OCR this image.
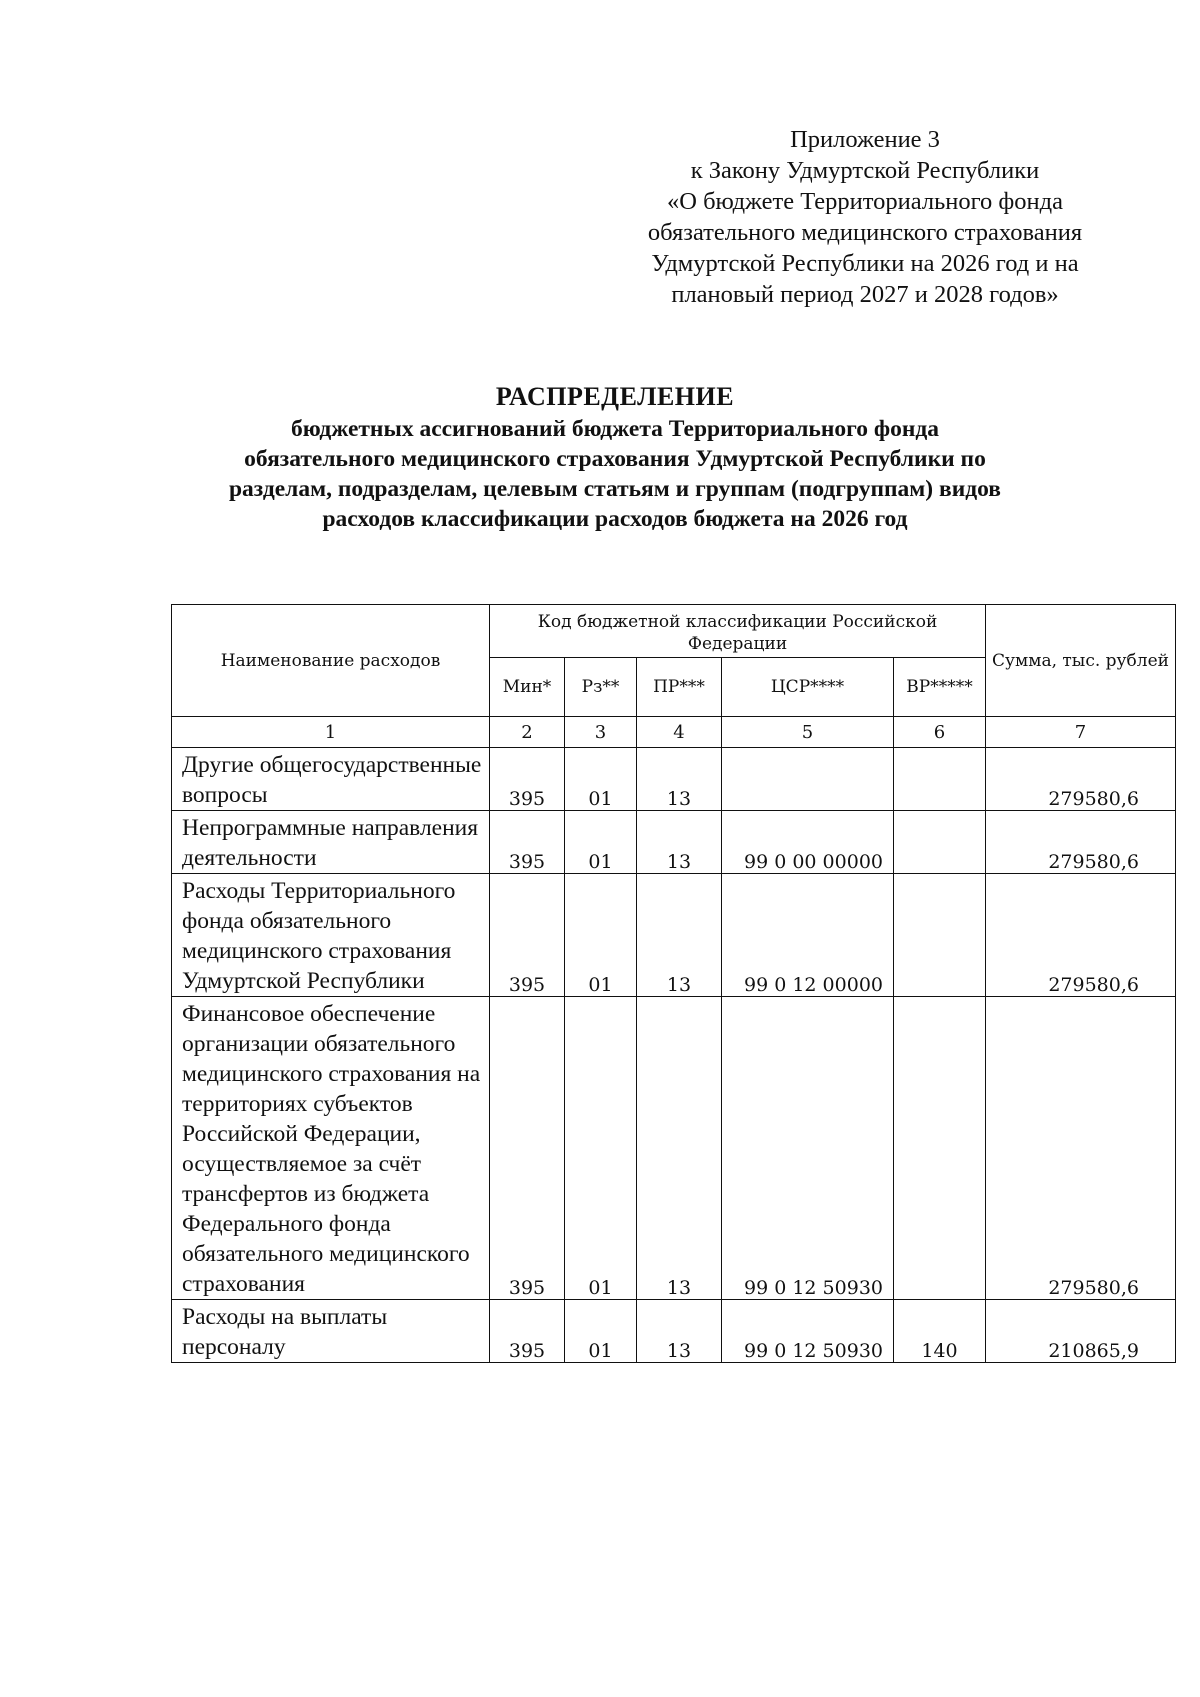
Приложение 3
к Закону Удмуртской Республики
«О бюджете Территориального фонда
обязательного медицинского страхования
Удмуртской Республики на 2026 год и на
плановый период 2027 и 2028 годов»
РАСПРЕДЕЛЕНИЕ
бюджетных ассигнований бюджета Территориального фонда
обязательного медицинского страхования Удмуртской Республики по
разделам, подразделам, целевым статьям и группам (подгруппам) видов
расходов классификации расходов бюджета на 2026 год
Наименование расходов	Код бюджетной классификации Российской Федерации					Сумма, тыс. рублей
	Мин*	Рз**	ПР***	ЦСР****	ВР*****	
1	2	3	4	5	6	7
Другие общегосударственные вопросы	395	01	13			279580,6
Непрограммные направления деятельности	395	01	13	99 0 00 00000		279580,6
Расходы Территориального фонда обязательного медицинского страхования Удмуртской Республики	395	01	13	99 0 12 00000		279580,6
Финансовое обеспечение организации обязательного медицинского страхования на территориях субъектов Российской Федерации, осуществляемое за счёт трансфертов из бюджета Федерального фонда обязательного медицинского страхования	395	01	13	99 0 12 50930		279580,6
Расходы на выплаты персоналу	395	01	13	99 0 12 50930	140	210865,9
